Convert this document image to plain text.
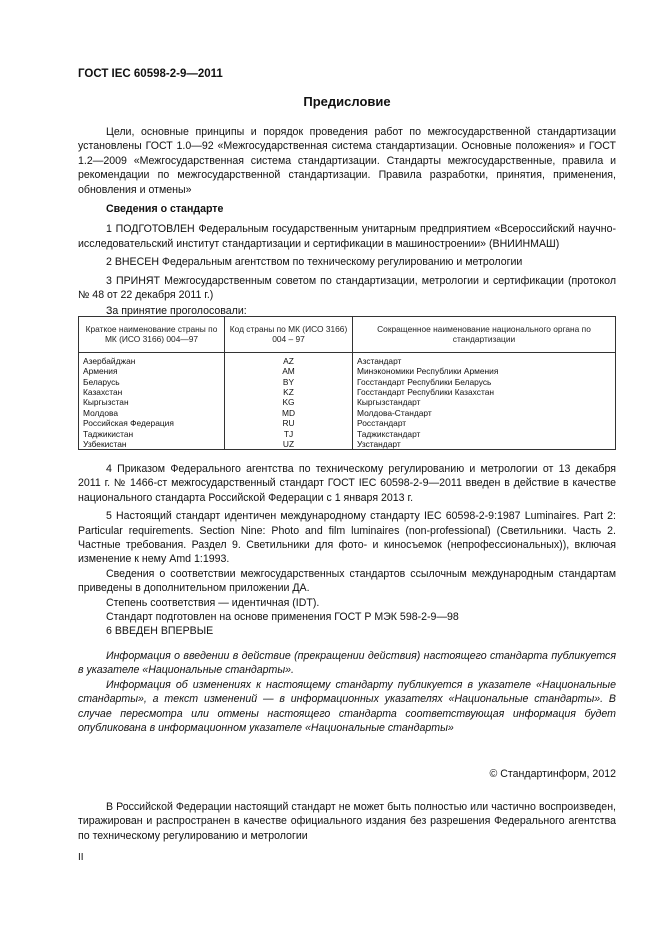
ГОСТ IEC 60598-2-9—2011
Предисловие

Цели, основные принципы и порядок проведения работ по межгосударственной стандартизации установлены ГОСТ 1.0—92 «Межгосударственная система стандартизации. Основные положения» и ГОСТ 1.2—2009 «Межгосударственная система стандартизации. Стандарты межгосударственные, правила и рекомендации по межгосударственной стандартизации. Правила разработки, принятия, применения, обновления и отмены»

Сведения о стандарте

1 ПОДГОТОВЛЕН Федеральным государственным унитарным предприятием «Всероссийский научно-исследовательский институт стандартизации и сертификации в машиностроении» (ВНИИНМАШ)

2 ВНЕСЕН Федеральным агентством по техническому регулированию и метрологии

3 ПРИНЯТ Межгосударственным советом по стандартизации, метрологии и сертификации (протокол № 48 от 22 декабря 2011 г.)

За принятие проголосовали:

Краткое наименование страны по МК (ИСО 3166) 004—97	Код страны по МК (ИСО 3166) 004 – 97	Сокращенное наименование национального органа по стандартизации
Азербайджан	AZ	Азстандарт
Армения	AM	Минэкономики Республики Армения
Беларусь	BY	Госстандарт Республики Беларусь
Казахстан	KZ	Госстандарт Республики Казахстан
Кыргызстан	KG	Кыргызстандарт
Молдова	MD	Молдова-Стандарт
Российская Федерация	RU	Росстандарт
Таджикистан	TJ	Таджикстандарт
Узбекистан	UZ	Узстандарт

4 Приказом Федерального агентства по техническому регулированию и метрологии от 13 декабря 2011 г. № 1466-ст межгосударственный стандарт ГОСТ IEC 60598-2-9—2011 введен в действие в качестве национального стандарта Российской Федерации с 1 января 2013 г.

5 Настоящий стандарт идентичен международному стандарту IEC 60598-2-9:1987 Luminaires. Part 2: Particular requirements. Section Nine: Photo and film luminaires (non-professional) (Светильники. Часть 2. Частные требования. Раздел 9. Светильники для фото- и киносъемок (непрофессиональных)), включая изменение к нему Amd 1:1993.

Сведения о соответствии межгосударственных стандартов ссылочным международным стандартам приведены в дополнительном приложении ДА.

Степень соответствия — идентичная (IDT).

Стандарт подготовлен на основе применения ГОСТ Р МЭК 598-2-9—98

6 ВВЕДЕН ВПЕРВЫЕ

Информация о введении в действие (прекращении действия) настоящего стандарта публикуется в указателе «Национальные стандарты».

Информация об изменениях к настоящему стандарту публикуется в указателе «Национальные стандарты», а текст изменений — в информационных указателях «Национальные стандарты». В случае пересмотра или отмены настоящего стандарта соответствующая информация будет опубликована в информационном указателе «Национальные стандарты»

© Стандартинформ, 2012

В Российской Федерации настоящий стандарт не может быть полностью или частично воспроизведен, тиражирован и распространен в качестве официального издания без разрешения Федерального агентства по техническому регулированию и метрологии

II
